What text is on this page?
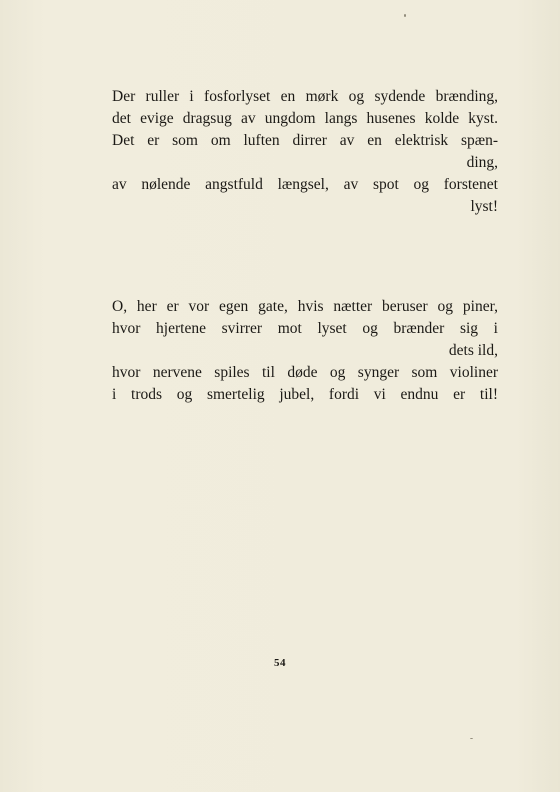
Der ruller i fosforlyset en mørk og sydende brænding,
det evige dragsug av ungdom langs husenes kolde kyst.
Det er som om luften dirrer av en elektrisk spæn-
ding,
av nølende angstfuld længsel, av spot og forstenet
lyst!
O, her er vor egen gate, hvis nætter beruser og piner,
hvor hjertene svirrer mot lyset og brænder sig i
dets ild,
hvor nervene spiles til døde og synger som violiner
i trods og smertelig jubel, fordi vi endnu er til!
54
